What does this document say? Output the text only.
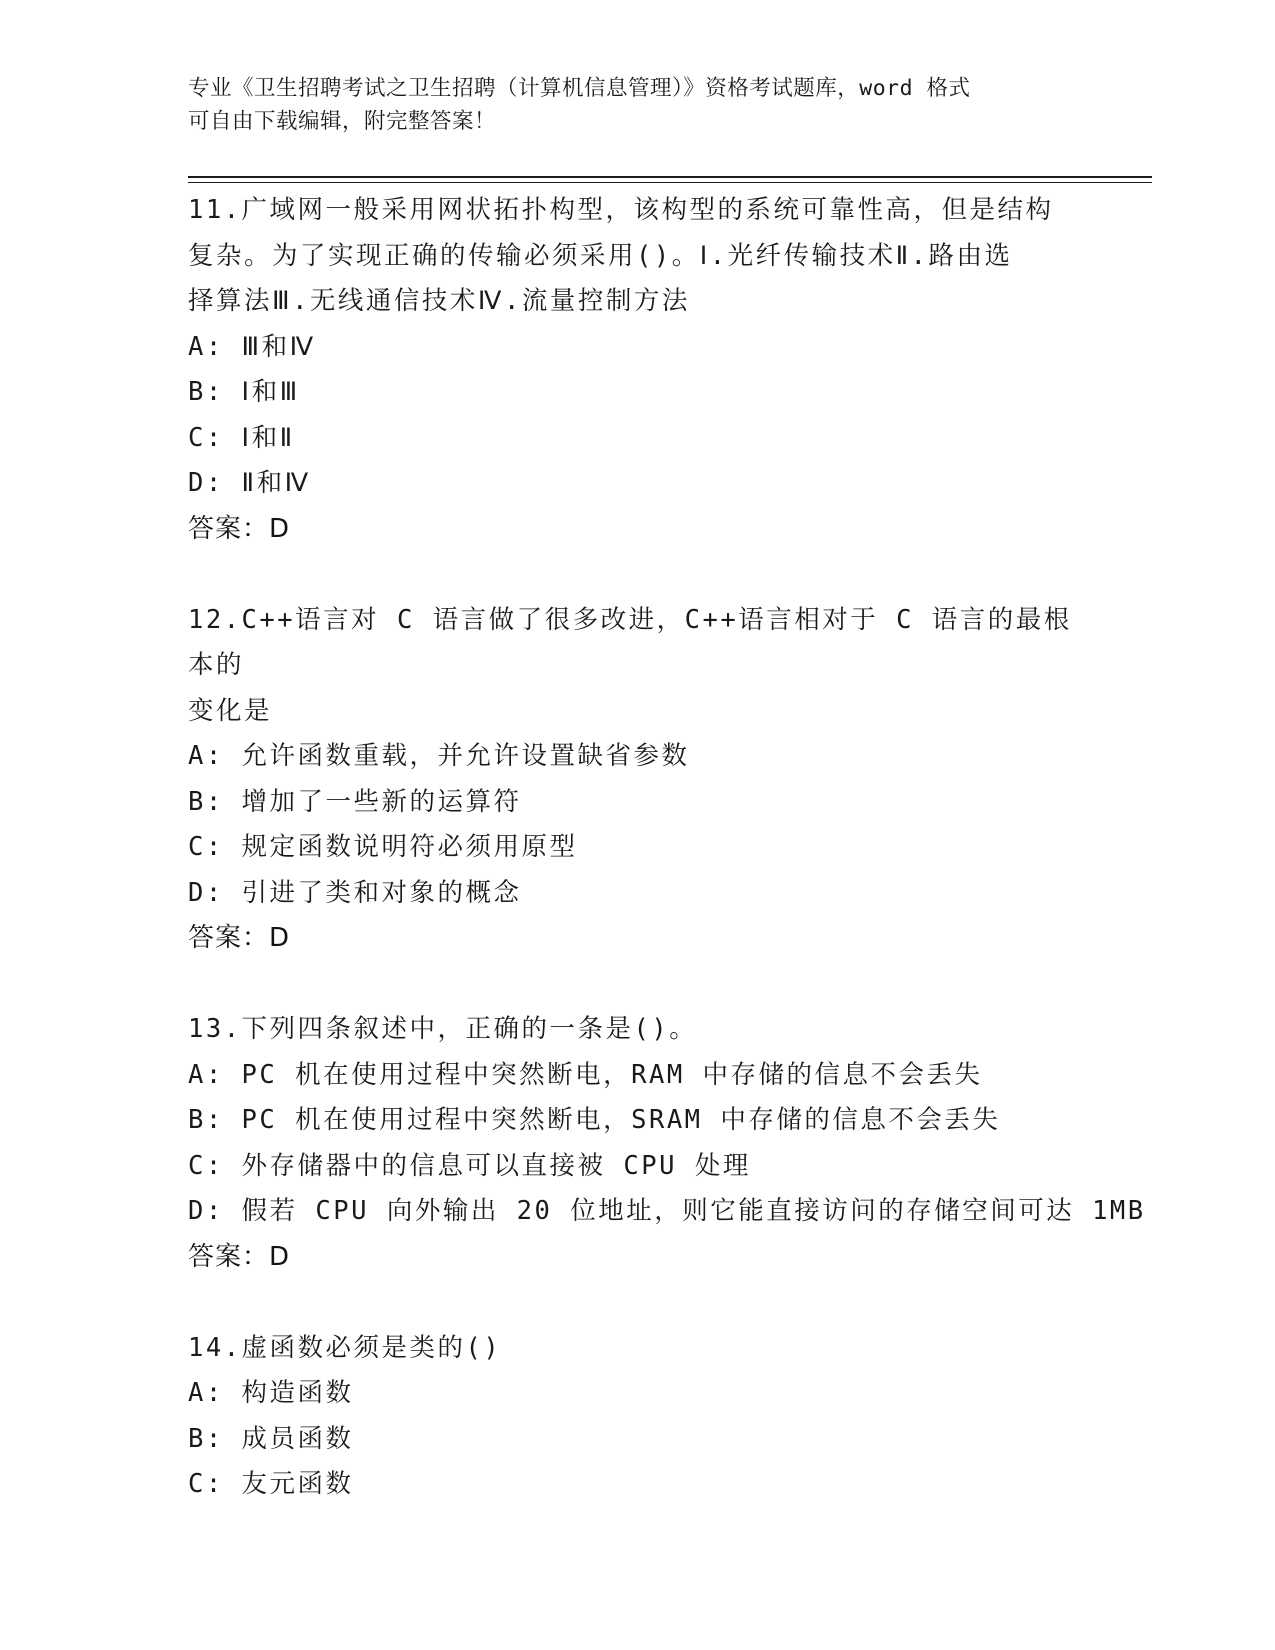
专业《卫生招聘考试之卫生招聘（计算机信息管理）》资格考试题库，word 格式
可自由下载编辑，附完整答案！
11.广域网一般采用网状拓扑构型，该构型的系统可靠性高，但是结构
复杂。为了实现正确的传输必须采用()。Ⅰ.光纤传输技术Ⅱ.路由选
择算法Ⅲ.无线通信技术Ⅳ.流量控制方法
A: Ⅲ和Ⅳ
B: Ⅰ和Ⅲ
C: Ⅰ和Ⅱ
D: Ⅱ和Ⅳ
答案：D
12.C++语言对 C 语言做了很多改进，C++语言相对于 C 语言的最根本的
变化是
A: 允许函数重载，并允许设置缺省参数
B: 增加了一些新的运算符
C: 规定函数说明符必须用原型
D: 引进了类和对象的概念
答案：D
13.下列四条叙述中，正确的一条是()。
A: PC 机在使用过程中突然断电，RAM 中存储的信息不会丢失
B: PC 机在使用过程中突然断电，SRAM 中存储的信息不会丢失
C: 外存储器中的信息可以直接被 CPU 处理
D: 假若 CPU 向外输出 20 位地址，则它能直接访问的存储空间可达 1MB
答案：D
14.虚函数必须是类的()
A: 构造函数
B: 成员函数
C: 友元函数
